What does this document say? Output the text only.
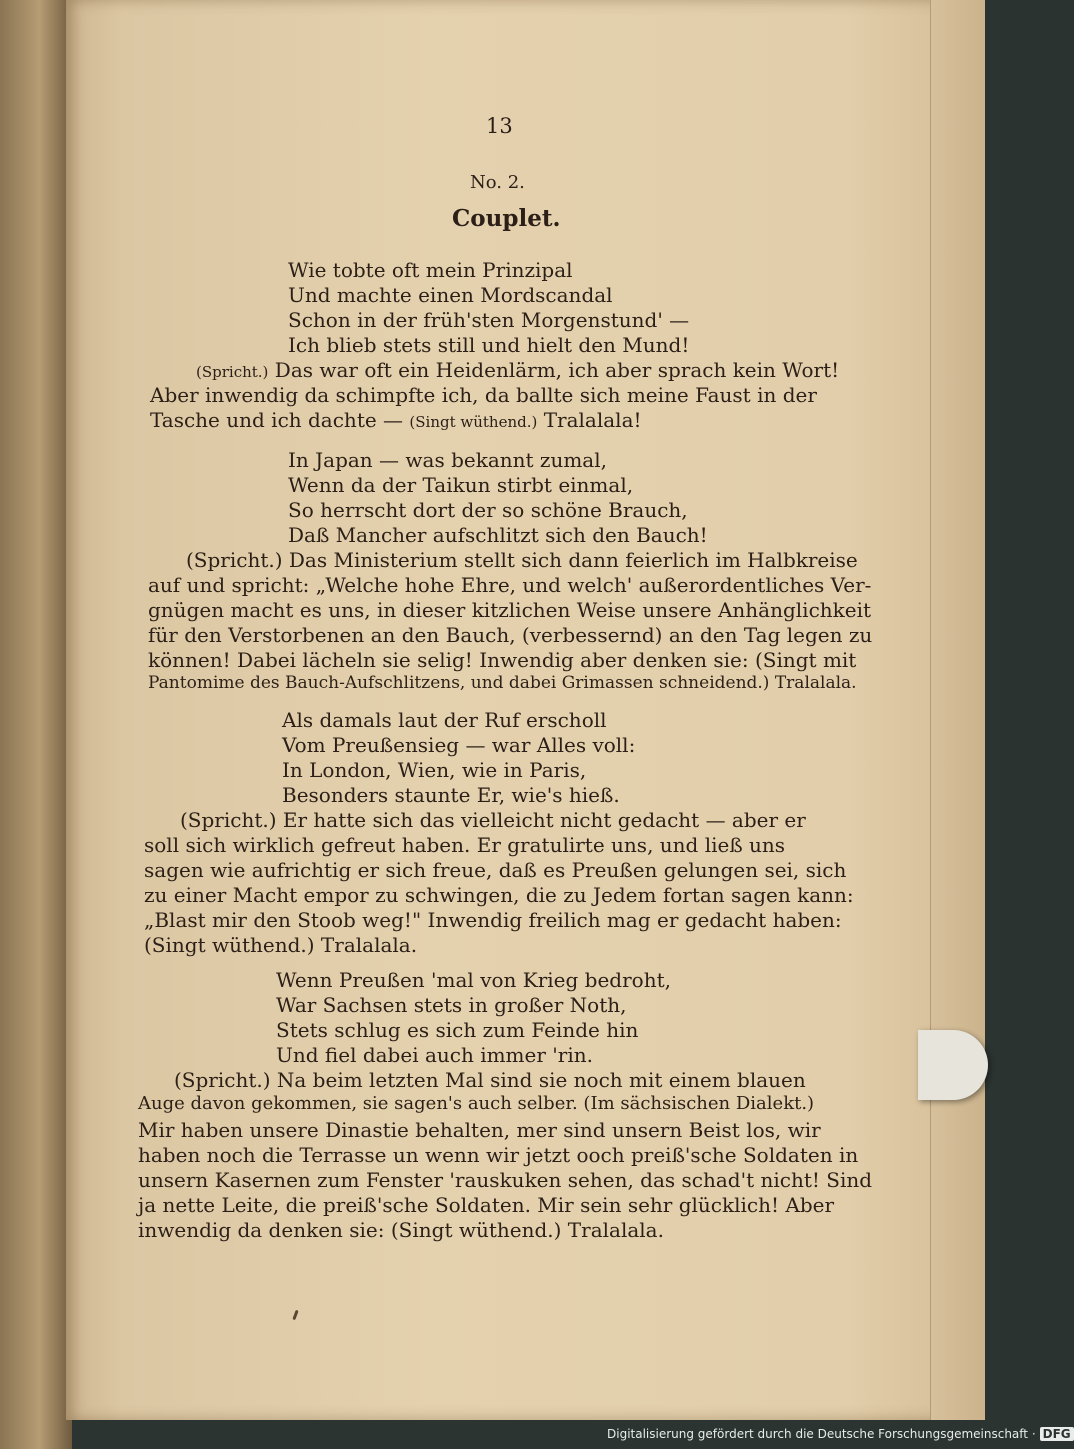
13
No. 2.
Couplet.
Wie tobte oft mein Prinzipal
Und machte einen Mordscandal
Schon in der früh'sten Morgenstund' —
Ich blieb stets still und hielt den Mund!
(Spricht.) Das war oft ein Heidenlärm, ich aber sprach kein Wort!
Aber inwendig da schimpfte ich, da ballte sich meine Faust in der
Tasche und ich dachte — (Singt wüthend.) Tralalala!
In Japan — was bekannt zumal,
Wenn da der Taikun stirbt einmal,
So herrscht dort der so schöne Brauch,
Daß Mancher aufschlitzt sich den Bauch!
(Spricht.) Das Ministerium stellt sich dann feierlich im Halbkreise
auf und spricht: „Welche hohe Ehre, und welch' außerordentliches Ver-
gnügen macht es uns, in dieser kitzlichen Weise unsere Anhänglichkeit
für den Verstorbenen an den Bauch, (verbessernd) an den Tag legen zu
können! Dabei lächeln sie selig! Inwendig aber denken sie: (Singt mit
Pantomime des Bauch-Aufschlitzens, und dabei Grimassen schneidend.) Tralalala.
Als damals laut der Ruf erscholl
Vom Preußensieg — war Alles voll:
In London, Wien, wie in Paris,
Besonders staunte Er, wie's hieß.
(Spricht.) Er hatte sich das vielleicht nicht gedacht — aber er
soll sich wirklich gefreut haben. Er gratulirte uns, und ließ uns
sagen wie aufrichtig er sich freue, daß es Preußen gelungen sei, sich
zu einer Macht empor zu schwingen, die zu Jedem fortan sagen kann:
„Blast mir den Stoob weg!" Inwendig freilich mag er gedacht haben:
(Singt wüthend.) Tralalala.
Wenn Preußen 'mal von Krieg bedroht,
War Sachsen stets in großer Noth,
Stets schlug es sich zum Feinde hin
Und fiel dabei auch immer 'rin.
(Spricht.) Na beim letzten Mal sind sie noch mit einem blauen
Auge davon gekommen, sie sagen's auch selber. (Im sächsischen Dialekt.)
Mir haben unsere Dinastie behalten, mer sind unsern Beist los, wir
haben noch die Terrasse un wenn wir jetzt ooch preiß'sche Soldaten in
unsern Kasernen zum Fenster 'rauskuken sehen, das schad't nicht! Sind
ja nette Leite, die preiß'sche Soldaten. Mir sein sehr glücklich! Aber
inwendig da denken sie: (Singt wüthend.) Tralalala.
Digitalisierung gefördert durch die Deutsche Forschungsgemeinschaft · DFG
